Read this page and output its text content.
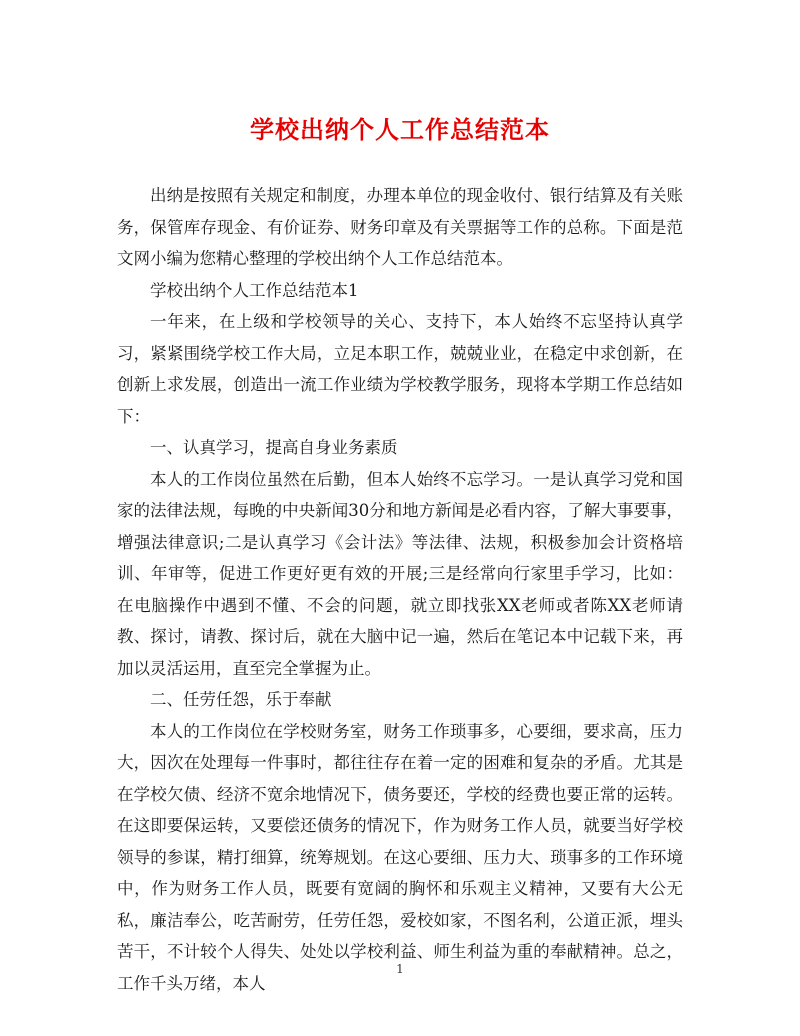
学校出纳个人工作总结范本

出纳是按照有关规定和制度，办理本单位的现金收付、银行结算及有关账务，保管库存现金、有价证券、财务印章及有关票据等工作的总称。下面是范文网小编为您精心整理的学校出纳个人工作总结范本。

学校出纳个人工作总结范本1

一年来，在上级和学校领导的关心、支持下，本人始终不忘坚持认真学习，紧紧围绕学校工作大局，立足本职工作，兢兢业业，在稳定中求创新，在创新上求发展，创造出一流工作业绩为学校教学服务，现将本学期工作总结如下：

一、认真学习，提高自身业务素质

本人的工作岗位虽然在后勤，但本人始终不忘学习。一是认真学习党和国家的法律法规，每晚的中央新闻30分和地方新闻是必看内容，了解大事要事，增强法律意识;二是认真学习《会计法》等法律、法规，积极参加会计资格培训、年审等，促进工作更好更有效的开展;三是经常向行家里手学习，比如：在电脑操作中遇到不懂、不会的问题，就立即找张XX老师或者陈XX老师请教、探讨，请教、探讨后，就在大脑中记一遍，然后在笔记本中记载下来，再加以灵活运用，直至完全掌握为止。

二、任劳任怨，乐于奉献

本人的工作岗位在学校财务室，财务工作琐事多，心要细，要求高，压力大，因次在处理每一件事时，都往往存在着一定的困难和复杂的矛盾。尤其是在学校欠债、经济不宽余地情况下，债务要还，学校的经费也要正常的运转。在这即要保运转，又要偿还债务的情况下，作为财务工作人员，就要当好学校领导的参谋，精打细算，统筹规划。在这心要细、压力大、琐事多的工作环境中，作为财务工作人员，既要有宽阔的胸怀和乐观主义精神，又要有大公无私，廉洁奉公，吃苦耐劳，任劳任怨，爱校如家，不图名利，公道正派，埋头苦干，不计较个人得失、处处以学校利益、师生利益为重的奉献精神。总之，工作千头万绪，本人

1
